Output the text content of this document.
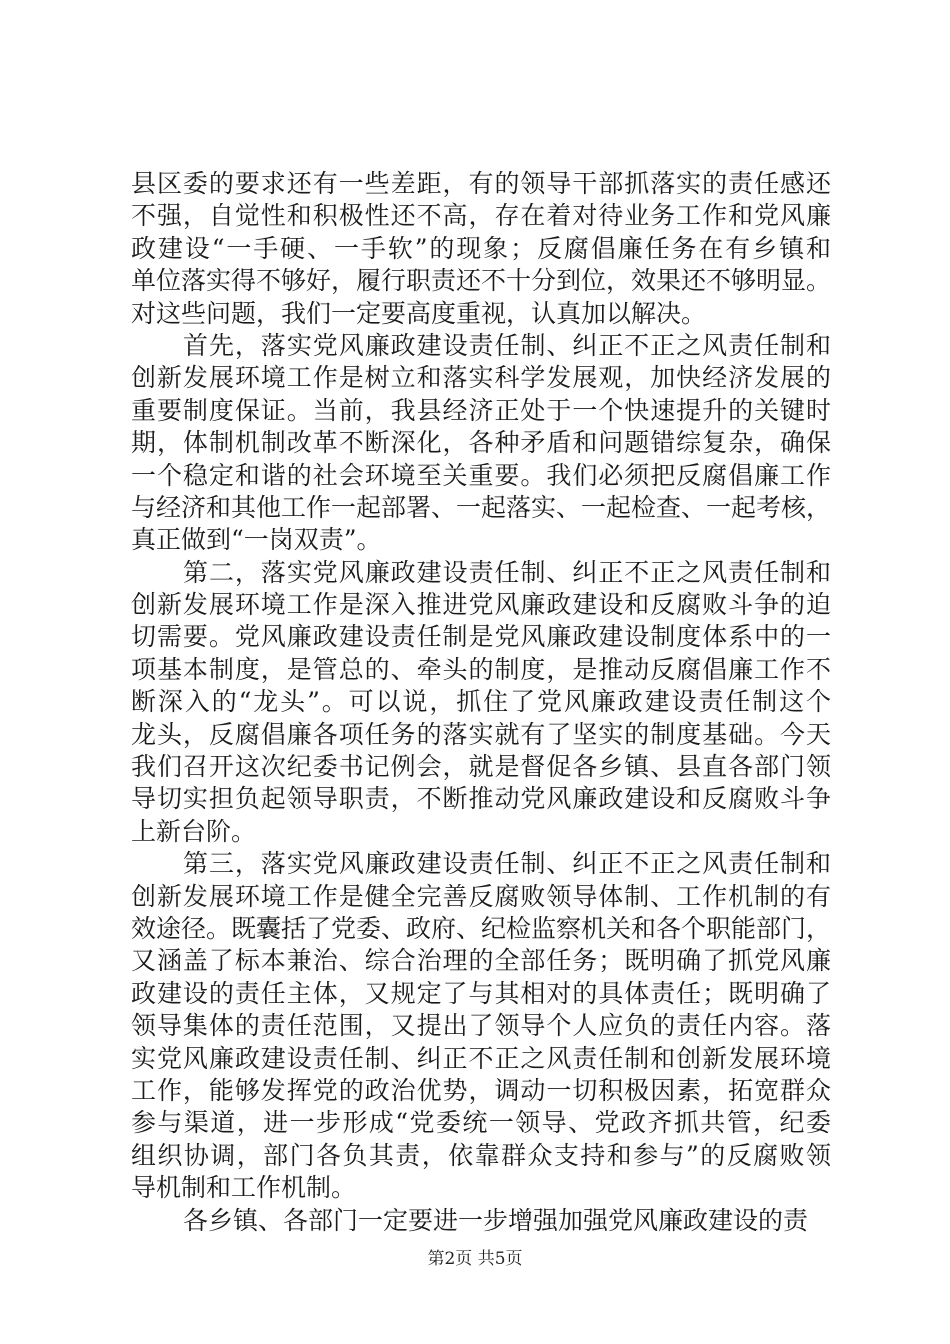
县区委的要求还有一些差距，有的领导干部抓落实的责任感还
不强，自觉性和积极性还不高，存在着对待业务工作和党风廉
政建设“一手硬、一手软”的现象；反腐倡廉任务在有乡镇和
单位落实得不够好，履行职责还不十分到位，效果还不够明显。
对这些问题，我们一定要高度重视，认真加以解决。
首先，落实党风廉政建设责任制、纠正不正之风责任制和
创新发展环境工作是树立和落实科学发展观，加快经济发展的
重要制度保证。当前，我县经济正处于一个快速提升的关键时
期，体制机制改革不断深化，各种矛盾和问题错综复杂，确保
一个稳定和谐的社会环境至关重要。我们必须把反腐倡廉工作
与经济和其他工作一起部署、一起落实、一起检查、一起考核，
真正做到“一岗双责”。
第二，落实党风廉政建设责任制、纠正不正之风责任制和
创新发展环境工作是深入推进党风廉政建设和反腐败斗争的迫
切需要。党风廉政建设责任制是党风廉政建设制度体系中的一
项基本制度，是管总的、牵头的制度，是推动反腐倡廉工作不
断深入的“龙头”。可以说，抓住了党风廉政建设责任制这个
龙头，反腐倡廉各项任务的落实就有了坚实的制度基础。今天
我们召开这次纪委书记例会，就是督促各乡镇、县直各部门领
导切实担负起领导职责，不断推动党风廉政建设和反腐败斗争
上新台阶。
第三，落实党风廉政建设责任制、纠正不正之风责任制和
创新发展环境工作是健全完善反腐败领导体制、工作机制的有
效途径。既囊括了党委、政府、纪检监察机关和各个职能部门，
又涵盖了标本兼治、综合治理的全部任务；既明确了抓党风廉
政建设的责任主体，又规定了与其相对的具体责任；既明确了
领导集体的责任范围，又提出了领导个人应负的责任内容。落
实党风廉政建设责任制、纠正不正之风责任制和创新发展环境
工作，能够发挥党的政治优势，调动一切积极因素，拓宽群众
参与渠道，进一步形成“党委统一领导、党政齐抓共管，纪委
组织协调，部门各负其责，依靠群众支持和参与”的反腐败领
导机制和工作机制。
各乡镇、各部门一定要进一步增强加强党风廉政建设的责
第2页 共5页
